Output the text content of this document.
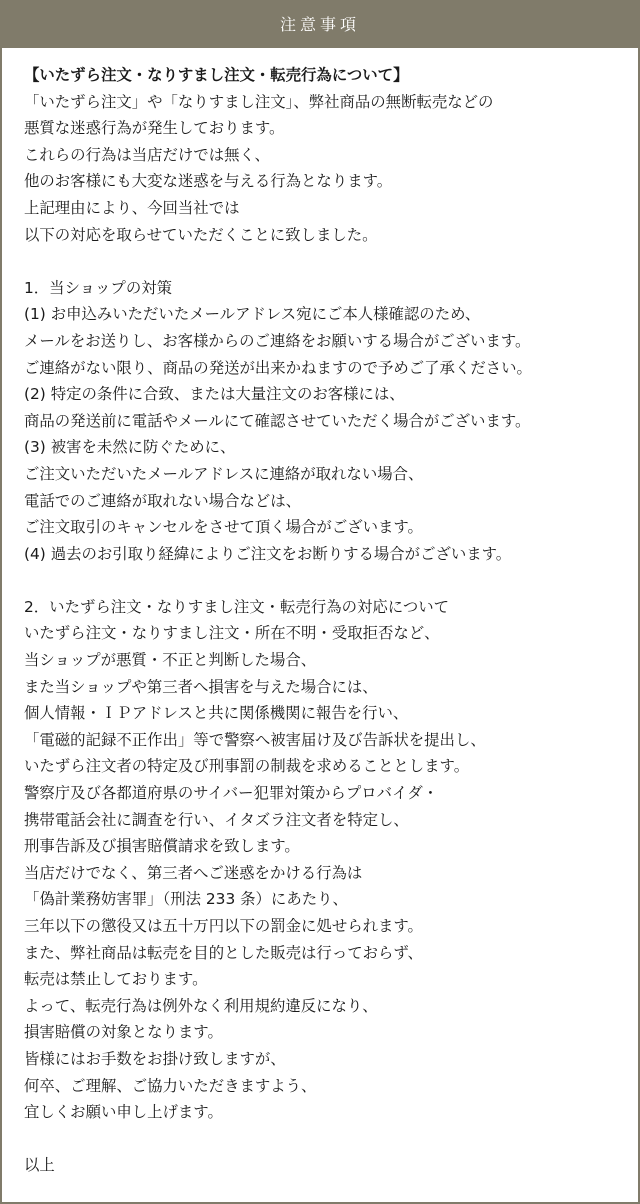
注意事項
【いたずら注文・なりすまし注文・転売行為について】
「いたずら注文」や「なりすまし注文」、弊社商品の無断転売などの
悪質な迷惑行為が発生しております。
これらの行為は当店だけでは無く、
他のお客様にも大変な迷惑を与える行為となります。
上記理由により、今回当社では
以下の対応を取らせていただくことに致しました。
1．当ショップの対策
(1) お申込みいただいたメールアドレス宛にご本人様確認のため、
メールをお送りし、お客様からのご連絡をお願いする場合がございます。
ご連絡がない限り、商品の発送が出来かねますので予めご了承ください。
(2) 特定の条件に合致、または大量注文のお客様には、
商品の発送前に電話やメールにて確認させていただく場合がございます。
(3) 被害を未然に防ぐために、
ご注文いただいたメールアドレスに連絡が取れない場合、
電話でのご連絡が取れない場合などは、
ご注文取引のキャンセルをさせて頂く場合がございます。
(4) 過去のお引取り経緯によりご注文をお断りする場合がございます。
2．いたずら注文・なりすまし注文・転売行為の対応について
いたずら注文・なりすまし注文・所在不明・受取拒否など、
当ショップが悪質・不正と判断した場合、
また当ショップや第三者へ損害を与えた場合には、
個人情報・ＩＰアドレスと共に関係機関に報告を行い、
「電磁的記録不正作出」等で警察へ被害届け及び告訴状を提出し、
いたずら注文者の特定及び刑事罰の制裁を求めることとします。
警察庁及び各都道府県のサイバー犯罪対策からプロバイダ・
携帯電話会社に調査を行い、イタズラ注文者を特定し、
刑事告訴及び損害賠償請求を致します。
当店だけでなく、第三者へご迷惑をかける行為は
「偽計業務妨害罪」（刑法 233 条）にあたり、
三年以下の懲役又は五十万円以下の罰金に処せられます。
また、弊社商品は転売を目的とした販売は行っておらず、
転売は禁止しております。
よって、転売行為は例外なく利用規約違反になり、
損害賠償の対象となります。
皆様にはお手数をお掛け致しますが、
何卒、ご理解、ご協力いただきますよう、
宜しくお願い申し上げます。
以上
